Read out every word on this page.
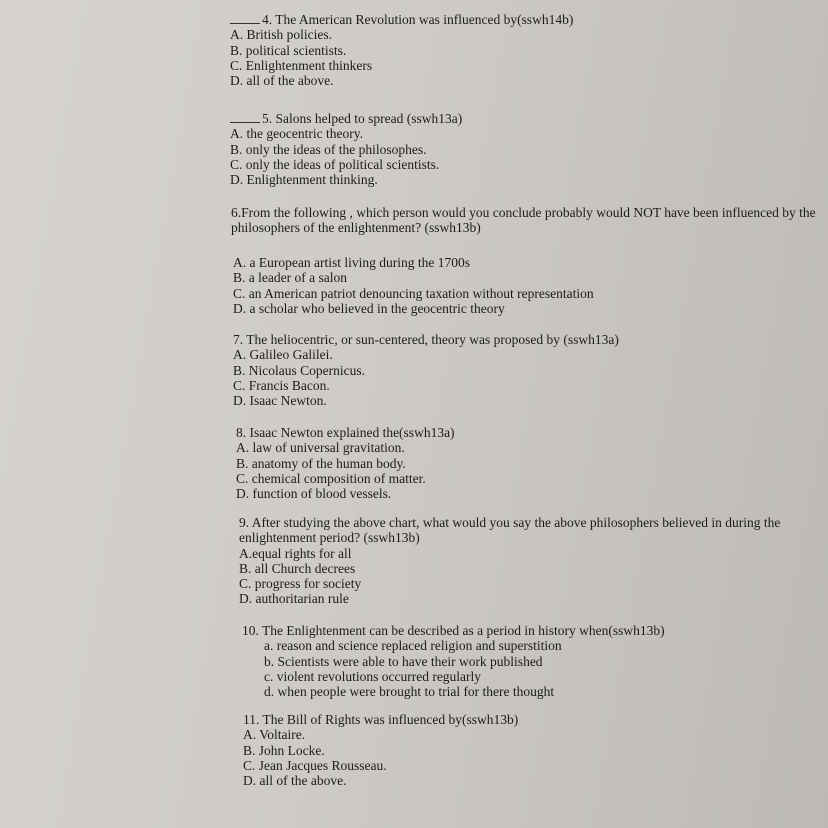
4. The American Revolution was influenced by(sswh14b)
A. British policies.
B. political scientists.
C. Enlightenment thinkers
D. all of the above.
5. Salons helped to spread (sswh13a)
A. the geocentric theory.
B. only the ideas of the philosophes.
C. only the ideas of political scientists.
D. Enlightenment thinking.
6.From the following , which person would you conclude probably would NOT have been influenced by the
philosophers of the enlightenment? (sswh13b)
A. a European artist living during the 1700s
B. a leader of a salon
C. an American patriot denouncing taxation without representation
D. a scholar who believed in the geocentric theory
7. The heliocentric, or sun-centered, theory was proposed by (sswh13a)
A. Galileo Galilei.
B. Nicolaus Copernicus.
C. Francis Bacon.
D. Isaac Newton.
8. Isaac Newton explained the(sswh13a)
A. law of universal gravitation.
B. anatomy of the human body.
C. chemical composition of matter.
D. function of blood vessels.
9. After studying the above chart, what would you say the above philosophers believed in during the
enlightenment period? (sswh13b)
A.equal rights for all
B. all Church decrees
C. progress for society
D. authoritarian rule
10. The Enlightenment can be described as a period in history when(sswh13b)
a. reason and science replaced religion and superstition
b. Scientists were able to have their work published
c. violent revolutions occurred regularly
d. when people were brought to trial for there thought
11. The Bill of Rights was influenced by(sswh13b)
A. Voltaire.
B. John Locke.
C. Jean Jacques Rousseau.
D. all of the above.
